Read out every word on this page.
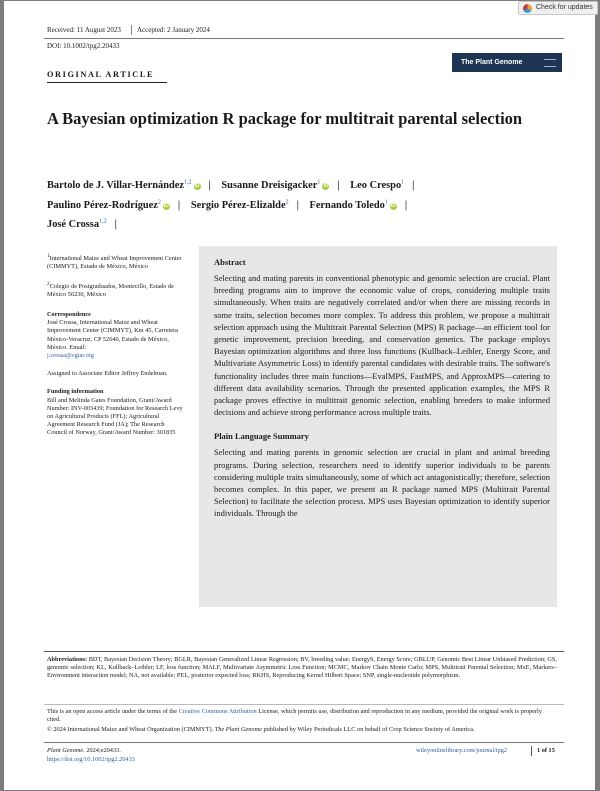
Received: 11 August 2023 Accepted: 2 January 2024
DOI: 10.1002/tpg2.20433
ORIGINAL ARTICLE
The Plant Genome
A Bayesian optimization R package for multitrait parental selection
Bartolo de J. Villar-Hernández$^{1,2}$iD | Susanne Dreisigacker$^1$iD | Leo Crespo$^1$ |
Paulino Pérez-Rodríguez$^2$iD | Sergio Pérez-Elizalde$^2$ | Fernando Toledo$^1$iD |
José Crossa$^{1,2}$ |

$^1$International Maize and Wheat Improvement Center (CIMMYT), Estado de México, México

$^2$Colegio de Postgraduados, Montecillo, Estado de México 56230, México

Correspondence

José Crossa, International Maize and Wheat Improvement Center (CIMMYT), Km 45, Carretera México-Veracruz, CP 52640, Estado de México, México. Email:
j.crossa@cgiar.org

Assigned to Associate Editor Jeffrey Endelman.

Funding information

Bill and Melinda Gates Foundation, Grant/Award Number: INV-003439; Foundation for Research Levy on Agricultural Products (FFL); Agricultural Agreement Research Fund (JA); The Research Council of Norway, Grant/Award Number: 301835

Abstract
Selecting and mating parents in conventional phenotypic and genomic selection are crucial. Plant breeding programs aim to improve the economic value of crops, considering multiple traits simultaneously. When traits are negatively correlated and/or when there are missing records in some traits, selection becomes more complex. To address this problem, we propose a multitrait selection approach using the Multitrait Parental Selection (MPS) R package—an efficient tool for genetic improvement, precision breeding, and conservation genetics. The package employs Bayesian optimization algorithms and three loss functions (Kullback–Leibler, Energy Score, and Multivariate Asymmetric Loss) to identify parental candidates with desirable traits. The software's functionality includes three main functions—EvalMPS, FastMPS, and ApproxMPS—catering to different data availability scenarios. Through the presented application examples, the MPS R package proves effective in multitrait genomic selection, enabling breeders to make informed decisions and achieve strong performance across multiple traits.
Plain Language Summary
Selecting and mating parents in genomic selection are crucial in plant and animal breeding programs. During selection, researchers need to identify superior individuals to be parents considering multiple traits simultaneously, some of which act antagonistically; therefore, selection becomes complex. In this paper, we present an R package named MPS (Multitrait Parental Selection) to facilitate the selection process. MPS uses Bayesian optimization to identify superior individuals. Through the
Abbreviations: BDT, Bayesian Decision Theory; BGLR, Bayesian Generalized Linear Regression; BV, breeding value; EnergyS, Energy Score; GBLUP, Genomic Best Linear Unbiased Prediction; GS, genomic selection; KL, Kullback–Leibler; LF, loss function; MALF, Multivariate Asymmetric Loss Function; MCMC, Markov Chain Monte Carlo; MPS, Multitrait Parental Selection; MxE, Markers–Environment interaction model; NA, not available; PEL, posterior expected loss; RKHS, Reproducing Kernel Hilbert Space; SNP, single-nucleotide polymorphism.
This is an open access article under the terms of the Creative Commons Attribution License, which permits use, distribution and reproduction in any medium, provided the original work is properly cited.
© 2024 International Maize and Wheat Organization (CIMMYT). The Plant Genome published by Wiley Periodicals LLC on behalf of Crop Science Society of America.
Plant Genome. 2024;e20433.
https://doi.org/10.1002/tpg2.20433
wileyonlinelibrary.com/journal/tpg2	1 of 15
Check for updates
